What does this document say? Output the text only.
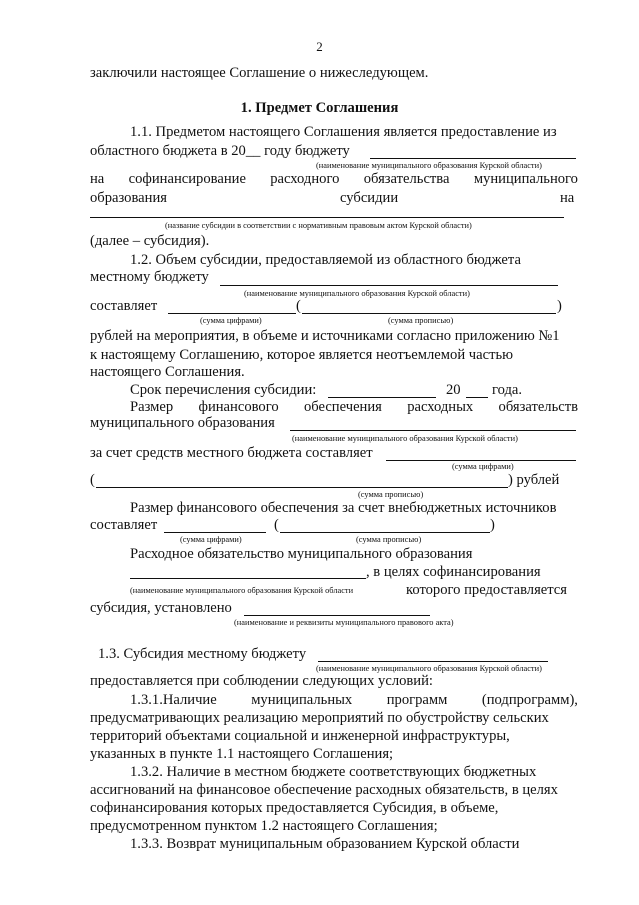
2
заключили настоящее Соглашение о нижеследующем.
1. Предмет Соглашения
1.1. Предметом настоящего Соглашения является предоставление из
областного бюджета в 20__ году бюджету
(наименование муниципального образования Курской области)
на софинансирование расходного обязательства муниципального
образования	субсидии	на
(название субсидии в соответствии с нормативным правовым актом Курской области)
(далее – субсидия).
1.2. Объем субсидии, предоставляемой из областного бюджета
местному бюджету
(наименование муниципального образования Курской области)
составляет	(	)
(сумма цифрами)	(сумма прописью)
рублей на мероприятия, в объеме и источниками согласно приложению №1
к настоящему Соглашению, которое является неотъемлемой частью
настоящего Соглашения.
Срок перечисления субсидии:	20 года.
Размер финансового обеспечения расходных обязательств
муниципального образования
(наименование муниципального образования Курской области)
за счет средств местного бюджета составляет
(сумма цифрами)
(	) рублей
(сумма прописью)
Размер финансового обеспечения за счет внебюджетных источников
составляет	(	)
(сумма цифрами)	(сумма прописью)
Расходное обязательство муниципального образования
, в целях софинансирования
(наименование муниципального образования Курской области	которого предоставляется
субсидия, установлено
(наименование и реквизиты муниципального правового акта)
1.3. Субсидия местному бюджету
(наименование муниципального образования Курской области)
предоставляется при соблюдении следующих условий:
1.3.1.Наличие муниципальных программ (подпрограмм),
предусматривающих реализацию мероприятий по обустройству сельских
территорий объектами социальной и инженерной инфраструктуры,
указанных в пункте 1.1 настоящего Соглашения;
1.3.2. Наличие в местном бюджете соответствующих бюджетных
ассигнований на финансовое обеспечение расходных обязательств, в целях
софинансирования которых предоставляется Субсидия, в объеме,
предусмотренном пунктом 1.2 настоящего Соглашения;
1.3.3. Возврат муниципальным образованием Курской области
